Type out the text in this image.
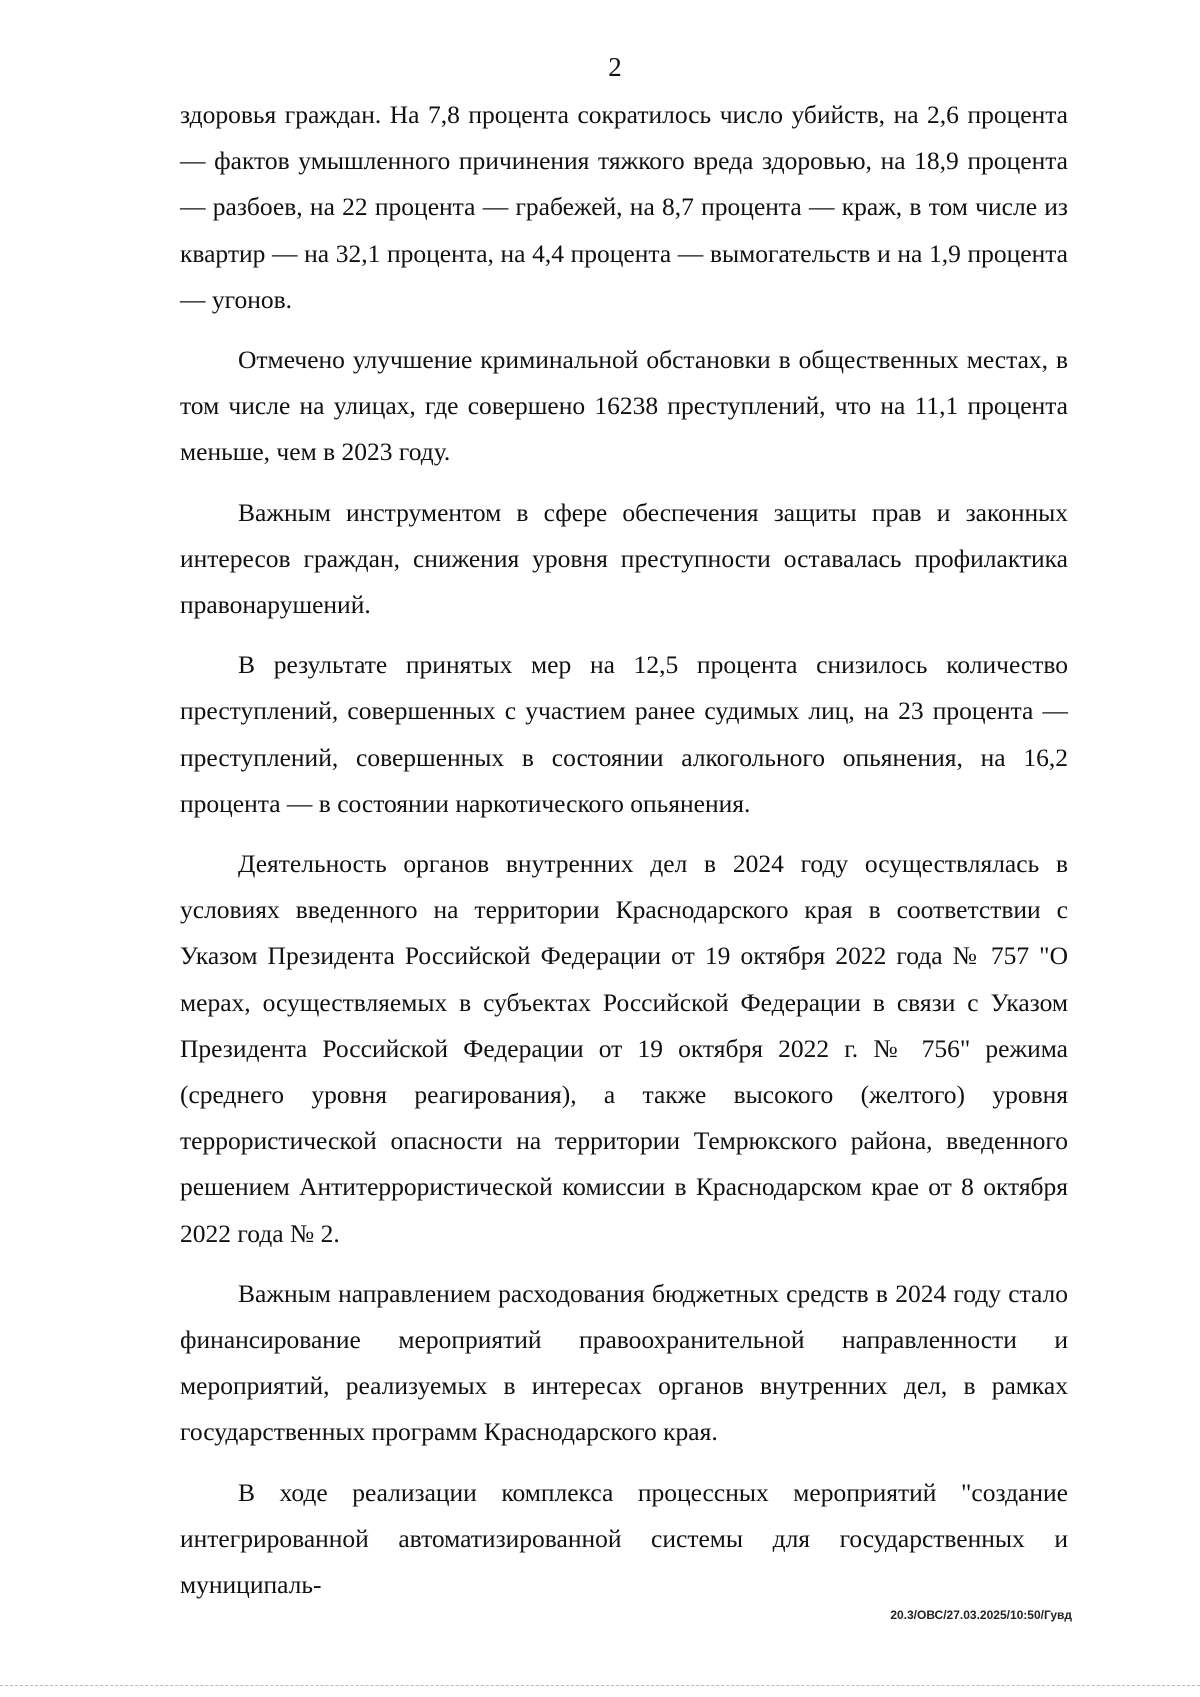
2

здоровья граждан. На 7,8 процента сократилось число убийств, на 2,6 процента — фактов умышленного причинения тяжкого вреда здоровью, на 18,9 процента — разбоев, на 22 процента — грабежей, на 8,7 процента — краж, в том числе из квартир — на 32,1 процента, на 4,4 процента — вымогательств и на 1,9 процента — угонов.

Отмечено улучшение криминальной обстановки в общественных местах, в том числе на улицах, где совершено 16238 преступлений, что на 11,1 процента меньше, чем в 2023 году.

Важным инструментом в сфере обеспечения защиты прав и законных интересов граждан, снижения уровня преступности оставалась профилактика правонарушений.

В результате принятых мер на 12,5 процента снизилось количество преступлений, совершенных с участием ранее судимых лиц, на 23 процента — преступлений, совершенных в состоянии алкогольного опьянения, на 16,2 процента — в состоянии наркотического опьянения.

Деятельность органов внутренних дел в 2024 году осуществлялась в условиях введенного на территории Краснодарского края в соответствии с Указом Президента Российской Федерации от 19 октября 2022 года № 757 "О мерах, осуществляемых в субъектах Российской Федерации в связи с Указом Президента Российской Федерации от 19 октября 2022 г. № 756" режима (среднего уровня реагирования), а также высокого (желтого) уровня террористической опасности на территории Темрюкского района, введенного решением Антитеррористической комиссии в Краснодарском крае от 8 октября 2022 года № 2.

Важным направлением расходования бюджетных средств в 2024 году стало финансирование мероприятий правоохранительной направленности и мероприятий, реализуемых в интересах органов внутренних дел, в рамках государственных программ Краснодарского края.

В ходе реализации комплекса процессных мероприятий "создание интегрированной автоматизированной системы для государственных и муниципаль-

20.3/ОВС/27.03.2025/10:50/Гувд
